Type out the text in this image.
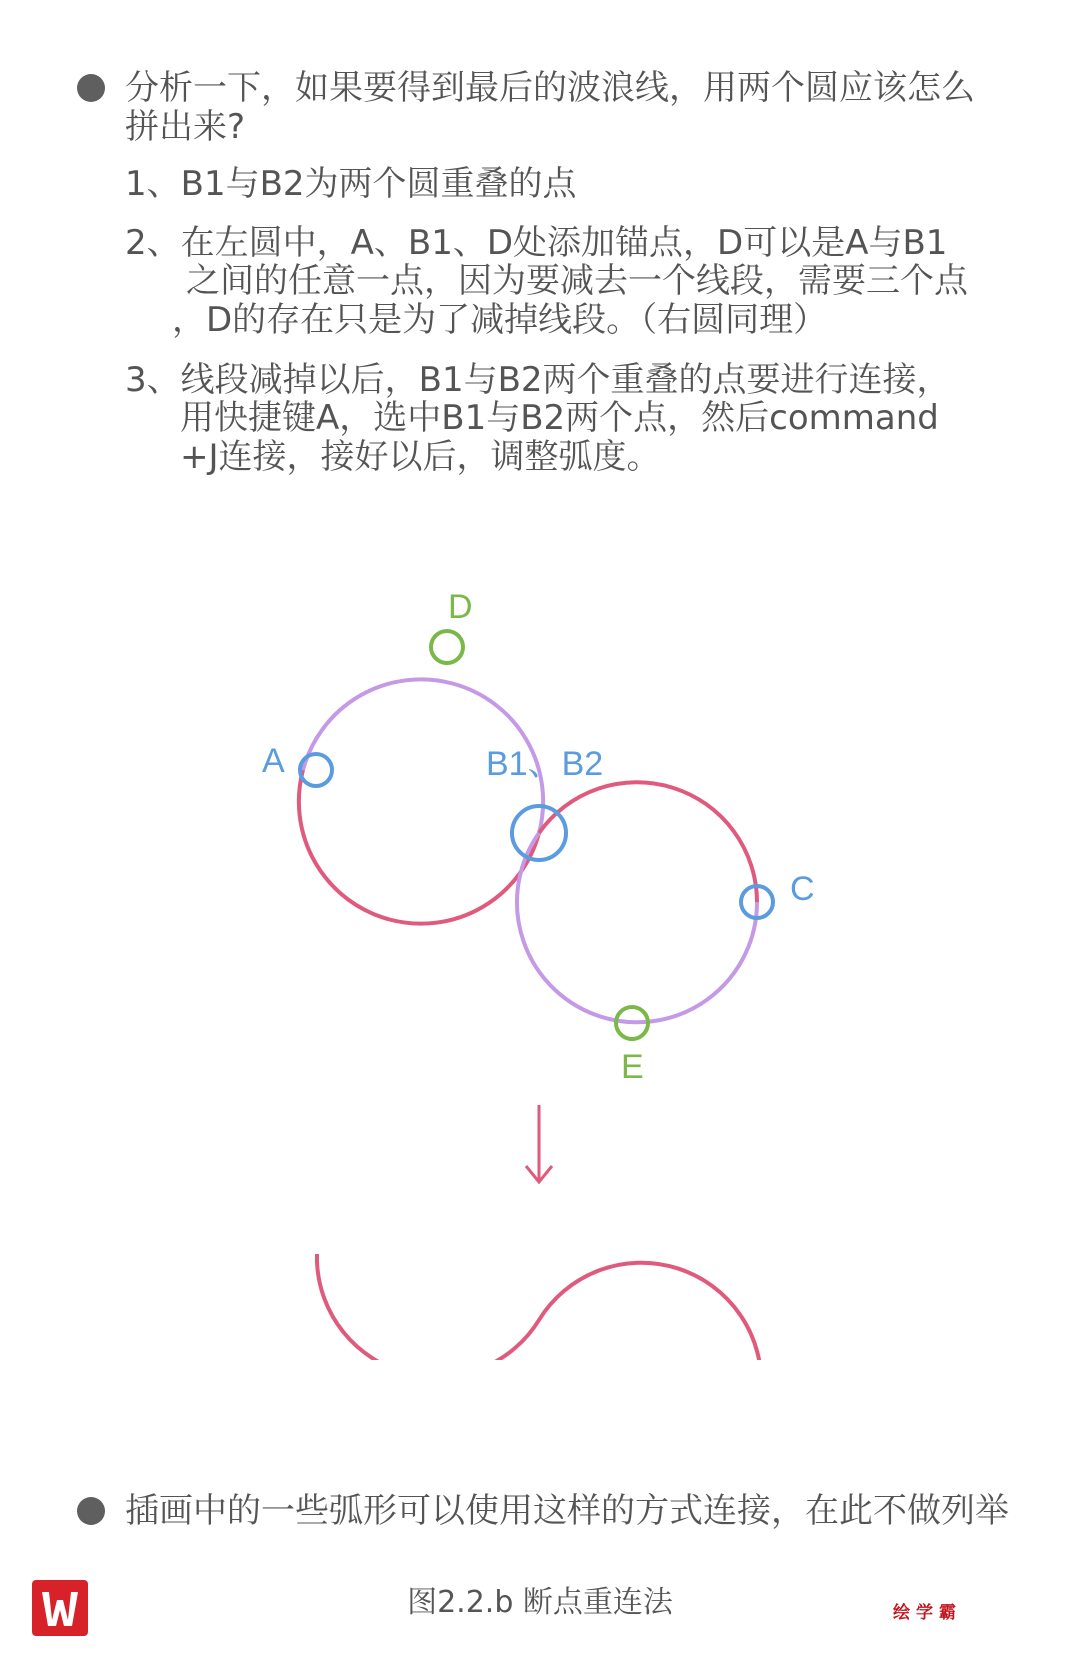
分析一下，如果要得到最后的波浪线，用两个圆应该怎么
拼出来?
1、B1与B2为两个圆重叠的点
2、在左圆中，A、B1、D处添加锚点，D可以是A与B1
之间的任意一点，因为要减去一个线段，需要三个点
，D的存在只是为了减掉线段。（右圆同理）
3、线段减掉以后，B1与B2两个重叠的点要进行连接，
用快捷键A，选中B1与B2两个点，然后command
+J连接，接好以后，调整弧度。
D
A	B1、B2
C
E
插画中的一些弧形可以使用这样的方式连接，在此不做列举
图2.2.b 断点重连法	绘学霸
